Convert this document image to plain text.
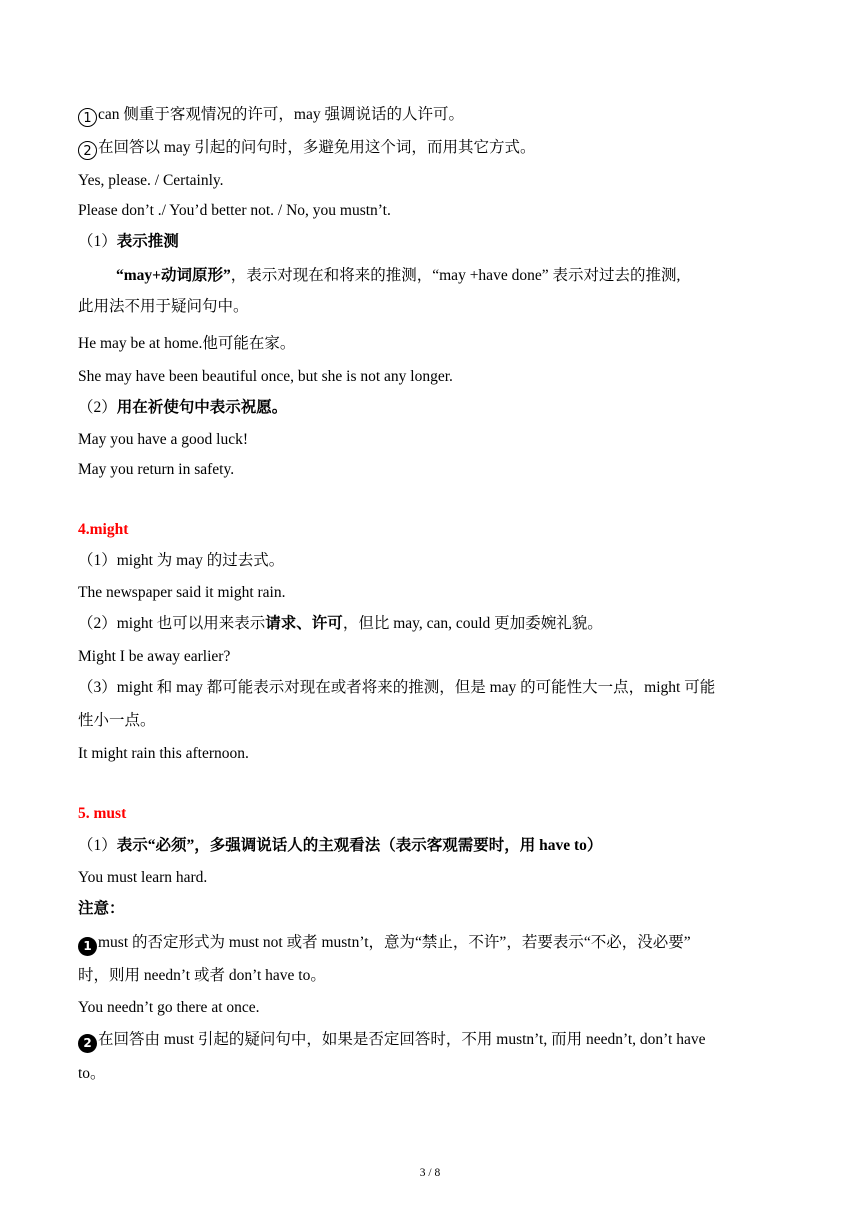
1 can 侧重于客观情况的许可，may 强调说话的人许可。
2 在回答以 may 引起的问句时，多避免用这个词，而用其它方式。
Yes, please. / Certainly.
Please don’t ./ You’d better not. / No, you mustn’t.
（1）表示推测
“may+动词原形”，表示对现在和将来的推测，“may +have done” 表示对过去的推测,
此用法不用于疑问句中。
He may be at home.他可能在家。
She may have been beautiful once, but she is not any longer.
（2）用在祈使句中表示祝愿。
May you have a good luck!
May you return in safety.
4.might
（1）might 为 may 的过去式。
The newspaper said it might rain.
（2）might 也可以用来表示请求、许可，但比 may, can, could 更加委婉礼貌。
Might I be away earlier?
（3）might 和 may 都可能表示对现在或者将来的推测，但是 may 的可能性大一点，might 可能
性小一点。
It might rain this afternoon.
5. must
（1）表示“必须”，多强调说话人的主观看法（表示客观需要时，用 have to）
You must learn hard.
注意：
1 must 的否定形式为 must not 或者 mustn’t，意为“禁止，不许”，若要表示“不必，没必要”
时，则用 needn’t 或者 don’t have to。
You needn’t go there at once.
2 在回答由 must 引起的疑问句中，如果是否定回答时，不用 mustn’t, 而用 needn’t, don’t have
to。
3 / 8
